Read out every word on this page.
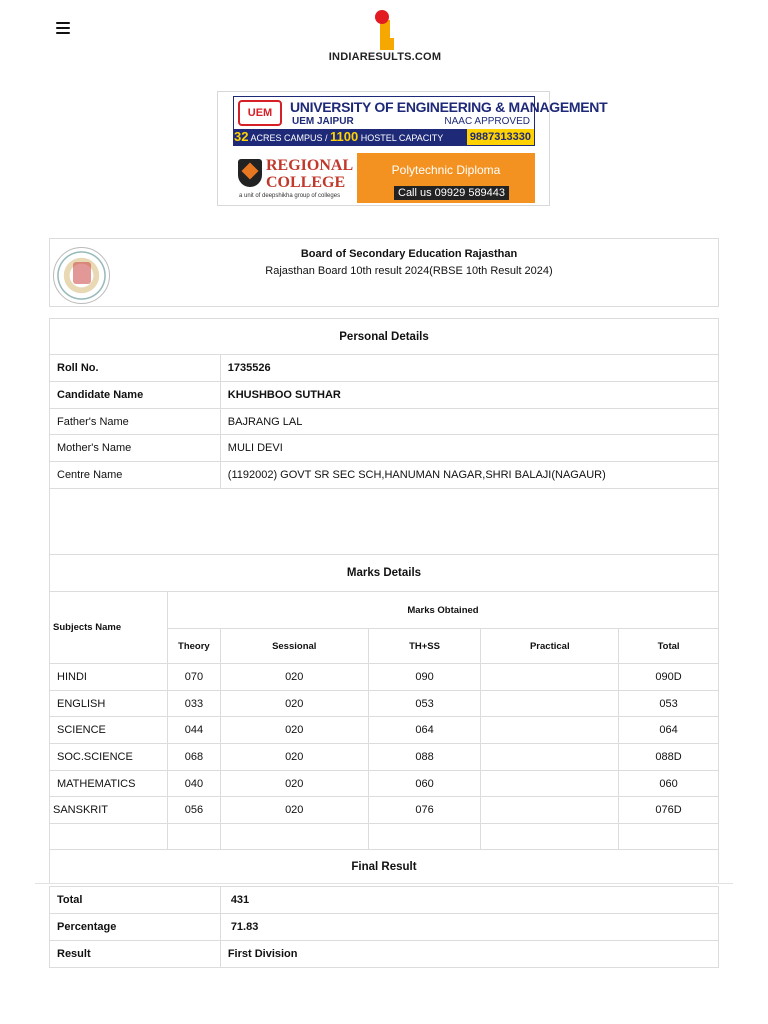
INDIARESULTS.COM
UEM	UNIVERSITY OF ENGINEERING & MANAGEMENT
UEM JAIPUR	NAAC APPROVED
32 ACRES CAMPUS / 1100 HOSTEL CAPACITY 9887313330
REGIONAL
COLLEGE
a unit of deepshikha group of colleges
Polytechnic Diploma
Call us 09929 589443
Board of Secondary Education Rajasthan
Rajasthan Board 10th result 2024(RBSE 10th Result 2024)
Personal Details	
Roll No.	1735526
Candidate Name	KHUSHBOO SUTHAR
Father's Name	BAJRANG LAL
Mother's Name	MULI DEVI
Centre Name	(1192002) GOVT SR SEC SCH,HANUMAN NAGAR,SHRI BALAJI(NAGAUR)

Marks Details					
Subjects Name	Marks Obtained				
	Theory	Sessional	TH+SS	Practical	Total
HINDI	070	020	090		090D
ENGLISH	033	020	053		053
SCIENCE	044	020	064		064
SOC.SCIENCE	068	020	088		088D
MATHEMATICS	040	020	060		060
SANSKRIT	056	020	076		076D

Final Result					
Total	431
Percentage	71.83
Result	First Division
